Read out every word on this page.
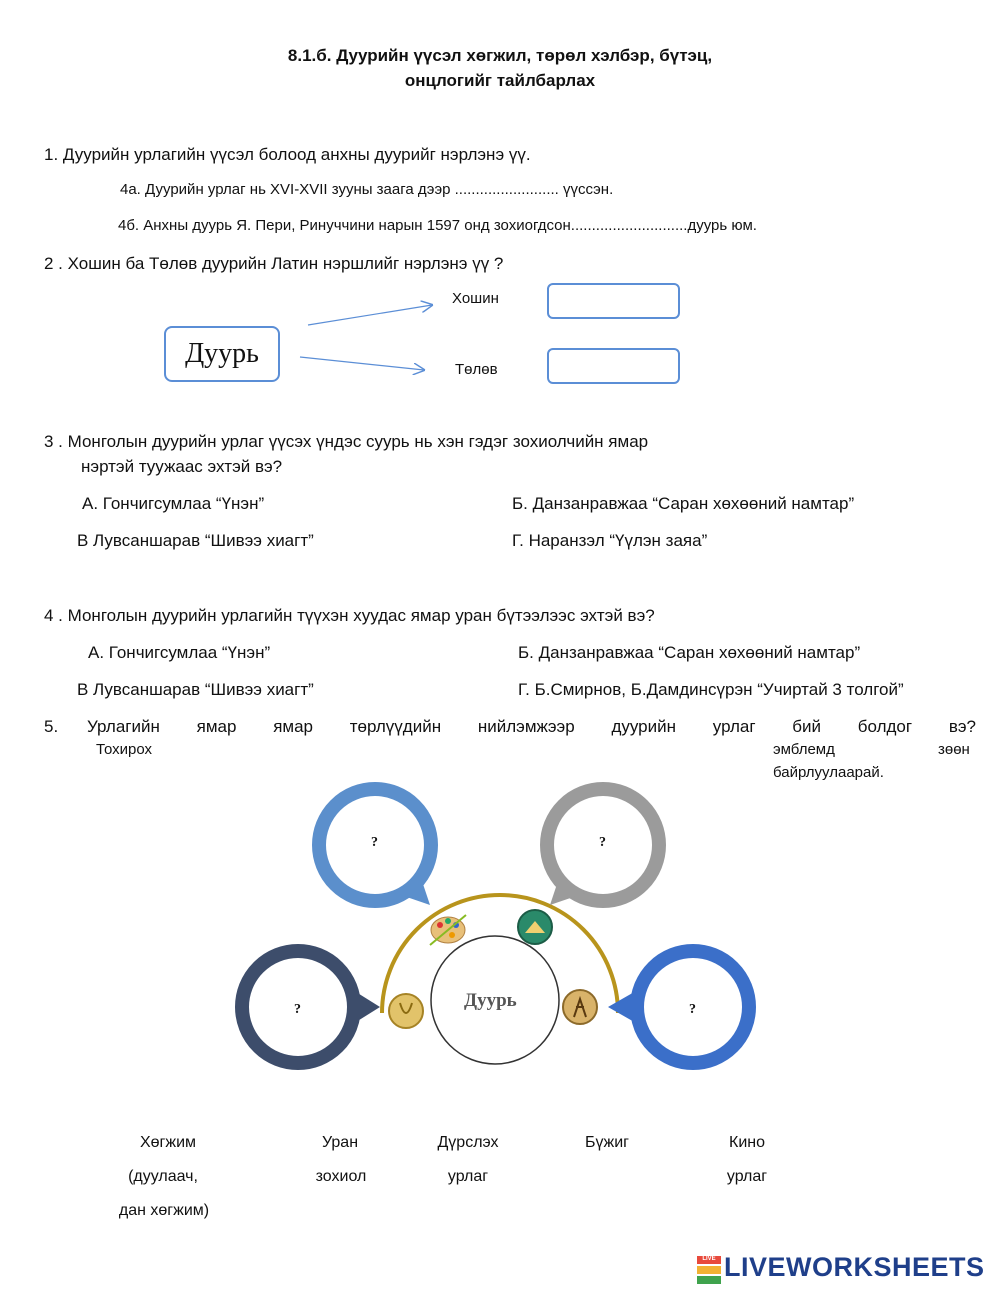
8.1.б. Дуурийн үүсэл хөгжил, төрөл хэлбэр, бүтэц,
онцлогийг тайлбарлах
1. Дуурийн урлагийн үүсэл болоод анхны дуурийг нэрлэнэ үү.
4а. Дуурийн урлаг нь XVI-XVII зууны заага дээр ......................... үүссэн.
4б. Анхны дуурь Я. Пери, Ринуччини нарын 1597 онд зохиогдсон............................дуурь юм.
2 . Хошин ба Төлөв дуурийн Латин нэршлийг нэрлэнэ үү ?
Дуурь
Хошин
Төлөв
3 . Монголын дуурийн урлаг үүсэх үндэс суурь нь хэн гэдэг зохиолчийн ямар
нэртэй туужаас эхтэй вэ?
А. Гончигсумлаа “Үнэн”	Б. Данзанравжаа “Саран хөхөөний намтар”
В Лувсаншарав “Шивээ хиагт”	Г. Наранзэл “Үүлэн заяа”
4 . Монголын дуурийн урлагийн түүхэн хуудас ямар уран бүтээлээс эхтэй вэ?
А. Гончигсумлаа “Үнэн”	Б. Данзанравжаа “Саран хөхөөний намтар”
В Лувсаншарав “Шивээ хиагт”	Г. Б.Смирнов, Б.Дамдинсүрэн “Учиртай 3 толгой”
5. Урлагийн ямар ямар төрлүүдийн нийлэмжээр дуурийн урлаг бий болдог вэ?
Тохирох	эмблемд	зөөн
байрлуулаарай.
?	?
?	?
Дуурь
Хөгжим
(дуулаач,
дан хөгжим)
Уран
зохиол
Дүрслэх
урлаг
Бүжиг	Кино
урлаг
LIVE LIVEWORKSHEETS
